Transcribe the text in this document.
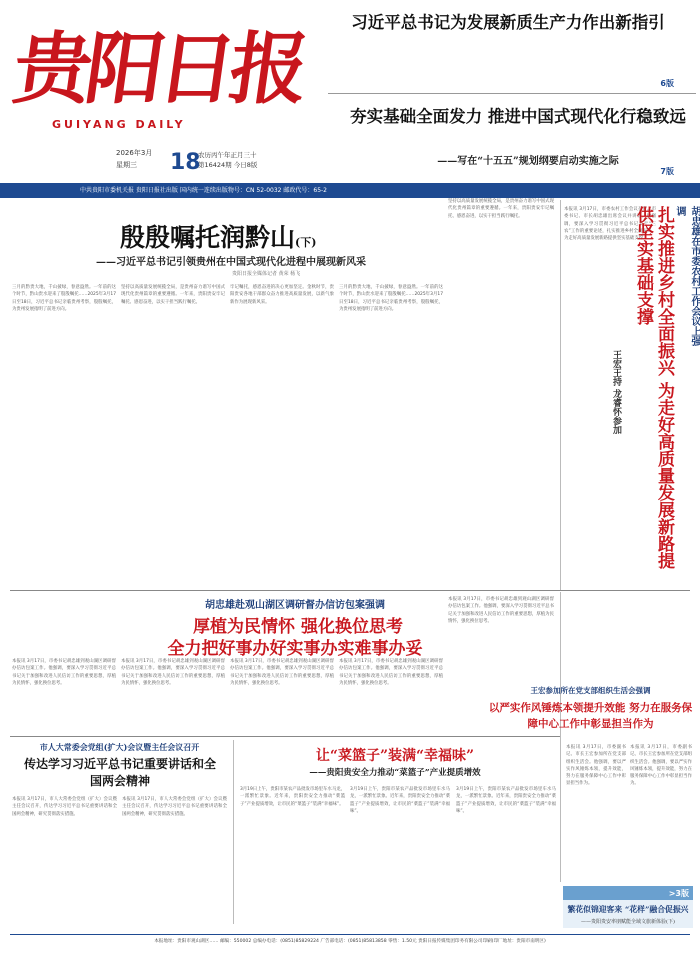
贵阳日报
GUIYANG DAILY
2026年3月
星期三	18
农历丙午年正月三十
第16424期 今日8版
中共贵阳市委机关报 贵阳日报社出版 国内统一连续出版物号：CN 52-0032 邮政代号：65-2
习近平总书记为发展新质生产力作出新指引
6版
夯实基础全面发力 推进中国式现代化行稳致远
——写在“十五五”规划纲要启动实施之际
7版
殷殷嘱托润黔山(下)
——习近平总书记引领贵州在中国式现代化进程中展现新风采
贵阳日报全媒体记者 黄荣 杨飞
三月的黔贵大地，千山披绿，春意盎然。一年前的这个时节，黔山贵水迎来了殷殷嘱托……2025年3月17日至18日，习近平总书记亲临贵州考察，殷殷嘱托，为贵州发展指明了前进方向。
坚持以高质量发展统揽全局，是贵州奋力谱写中国式现代化贵州篇章的重要遵循。一年来，贵阳贵安牢记嘱托、感恩奋进，以实干担当践行嘱托。
牢记嘱托，感恩奋进的决心更加坚定。金秋时节，贵阳贵安各地干部群众奋力推进高质量发展，以新气象新作为展现新风采。
三月的黔贵大地，千山披绿，春意盎然。一年前的这个时节，黔山贵水迎来了殷殷嘱托……2025年3月17日至18日，习近平总书记亲临贵州考察，殷殷嘱托，为贵州发展指明了前进方向。
坚持以高质量发展统揽全局，是贵州奋力谱写中国式现代化贵州篇章的重要遵循。一年来，贵阳贵安牢记嘱托、感恩奋进，以实干担当践行嘱托。
本报讯 3月17日，市委农村工作会议召开。市委书记、市长胡忠雄出席会议并讲话。他强调，要深入学习贯彻习近平总书记关于“三农”工作的重要论述，扎实推进乡村全面振兴，为走好高质量发展新路提供坚实基础支撑。	胡忠雄在市委农村工作会议上强调
扎实推进乡村全面振兴 为走好高质量发展新路提供坚实基础支撑
王宏王持 龙睿怀参加
胡忠雄赴观山湖区调研督办信访包案强调
厚植为民情怀 强化换位思考
全力把好事办好实事办实难事办妥
本报讯 3月17日，市委书记胡忠雄到观山湖区调研督办信访包案工作。他强调，要深入学习贯彻习近平总书记关于加强和改进人民信访工作的重要思想，厚植为民情怀，强化换位思考。
本报讯 3月17日，市委书记胡忠雄到观山湖区调研督办信访包案工作。他强调，要深入学习贯彻习近平总书记关于加强和改进人民信访工作的重要思想，厚植为民情怀，强化换位思考。
本报讯 3月17日，市委书记胡忠雄到观山湖区调研督办信访包案工作。他强调，要深入学习贯彻习近平总书记关于加强和改进人民信访工作的重要思想，厚植为民情怀，强化换位思考。
本报讯 3月17日，市委书记胡忠雄到观山湖区调研督办信访包案工作。他强调，要深入学习贯彻习近平总书记关于加强和改进人民信访工作的重要思想，厚植为民情怀，强化换位思考。
本报讯 3月17日，市委书记胡忠雄到观山湖区调研督办信访包案工作。他强调，要深入学习贯彻习近平总书记关于加强和改进人民信访工作的重要思想，厚植为民情怀，强化换位思考。
王宏参加所在党支部组织生活会强调
以严实作风锤炼本领提升效能 努力在服务保障中心工作中彰显担当作为
本报讯 3月17日，市委副书记、市长王宏参加所在党支部组织生活会。他强调，要以严实作风锤炼本领，提升效能，努力在服务保障中心工作中彰显担当作为。
本报讯 3月17日，市委副书记、市长王宏参加所在党支部组织生活会。他强调，要以严实作风锤炼本领，提升效能，努力在服务保障中心工作中彰显担当作为。
市人大常委会党组(扩大)会议暨主任会议召开
传达学习习近平总书记重要讲话和全国两会精神
本报讯 3月17日，市人大常委会党组（扩大）会议暨主任会议召开，传达学习习近平总书记重要讲话和全国两会精神，研究贯彻落实措施。
本报讯 3月17日，市人大常委会党组（扩大）会议暨主任会议召开，传达学习习近平总书记重要讲话和全国两会精神，研究贯彻落实措施。
让“菜篮子”装满“幸福味”
——贵阳贵安全力推动“菜篮子”产业提质增效
3月19日上午，贵阳市某农产品批发市场里车水马龙，一派繁忙景象。近年来，贵阳贵安全力推动“菜篮子”产业提质增效，让市民的“菜篮子”装满“幸福味”。
3月19日上午，贵阳市某农产品批发市场里车水马龙，一派繁忙景象。近年来，贵阳贵安全力推动“菜篮子”产业提质增效，让市民的“菜篮子”装满“幸福味”。
3月19日上午，贵阳市某农产品批发市场里车水马龙，一派繁忙景象。近年来，贵阳贵安全力推动“菜篮子”产业提质增效，让市民的“菜篮子”装满“幸福味”。
>3版
繁花似锦迎客来 “花样”融合促振兴
——贵阳贵安率朋赋能全域文旅新体验(下)
本报地址：贵阳市观山湖区…… 邮编：550002 总编办电话：(0851)85829224 广告部电话：(0851)85813858 零售：1.50元 贵阳日报传媒集团印务有限公司印刷(印厂地址：贵阳市南明区)
